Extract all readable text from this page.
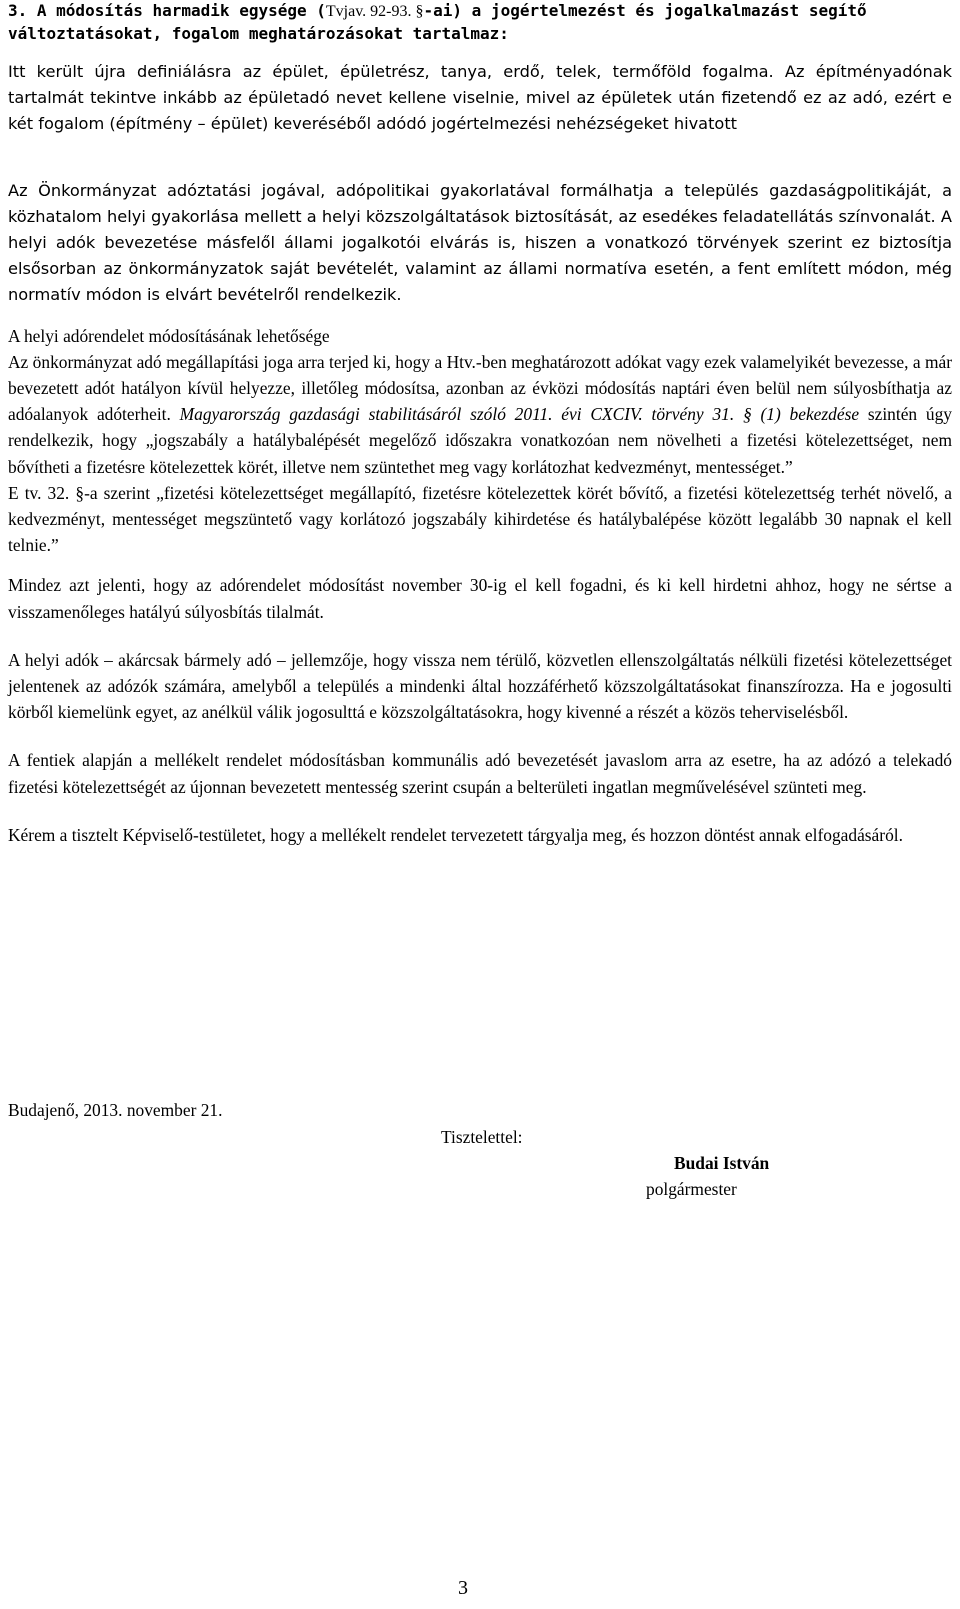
3. A módosítás harmadik egysége (Tvjav. 92-93. §-ai) a jogértelmezést és jogalkalmazást segítő
változtatásokat, fogalom meghatározásokat tartalmaz:

Itt került újra definiálásra az épület, épületrész, tanya, erdő, telek, termőföld fogalma. Az építményadónak tartalmát tekintve inkább az épületadó nevet kellene viselnie, mivel az épületek után fizetendő ez az adó, ezért e két fogalom (építmény – épület) keveréséből adódó jogértelmezési nehézségeket hivatott

Az Önkormányzat adóztatási jogával, adópolitikai gyakorlatával formálhatja a település gazdaságpolitikáját, a közhatalom helyi gyakorlása mellett a helyi közszolgáltatások biztosítását, az esedékes feladatellátás színvonalát. A helyi adók bevezetése másfelől állami jogalkotói elvárás is, hiszen a vonatkozó törvények szerint ez biztosítja elsősorban az önkormányzatok saját bevételét, valamint az állami normatíva esetén, a fent említett módon, még normatív módon is elvárt bevételről rendelkezik.

A helyi adórendelet módosításának lehetősége

Az önkormányzat adó megállapítási joga arra terjed ki, hogy a Htv.-ben meghatározott adókat vagy ezek valamelyikét bevezesse, a már bevezetett adót hatályon kívül helyezze, illetőleg módosítsa, azonban az évközi módosítás naptári éven belül nem súlyosbíthatja az adóalanyok adóterheit. Magyarország gazdasági stabilitásáról szóló 2011. évi CXCIV. törvény 31. § (1) bekezdése szintén úgy rendelkezik, hogy „jogszabály a hatálybalépését megelőző időszakra vonatkozóan nem növelheti a fizetési kötelezettséget, nem bővítheti a fizetésre kötelezettek körét, illetve nem szüntethet meg vagy korlátozhat kedvezményt, mentességet.”

E tv. 32. §-a szerint „fizetési kötelezettséget megállapító, fizetésre kötelezettek körét bővítő, a fizetési kötelezettség terhét növelő, a kedvezményt, mentességet megszüntető vagy korlátozó jogszabály kihirdetése és hatálybalépése között legalább 30 napnak el kell telnie.”

Mindez azt jelenti, hogy az adórendelet módosítást november 30-ig el kell fogadni, és ki kell hirdetni ahhoz, hogy ne sértse a visszamenőleges hatályú súlyosbítás tilalmát.

A helyi adók – akárcsak bármely adó – jellemzője, hogy vissza nem térülő, közvetlen ellenszolgáltatás nélküli fizetési kötelezettséget jelentenek az adózók számára, amelyből a település a mindenki által hozzáférhető közszolgáltatásokat finanszírozza. Ha e jogosulti körből kiemelünk egyet, az anélkül válik jogosulttá e közszolgáltatásokra, hogy kivenné a részét a közös teherviselésből.

A fentiek alapján a mellékelt rendelet módosításban kommunális adó bevezetését javaslom arra az esetre, ha az adózó a telekadó fizetési kötelezettségét az újonnan bevezetett mentesség szerint csupán a belterületi ingatlan megművelésével szünteti meg.

Kérem a tisztelt Képviselő-testületet, hogy a mellékelt rendelet tervezetett tárgyalja meg, és hozzon döntést annak elfogadásáról.

Budajenő, 2013. november 21.
Tisztelettel:
Budai István
polgármester
3
